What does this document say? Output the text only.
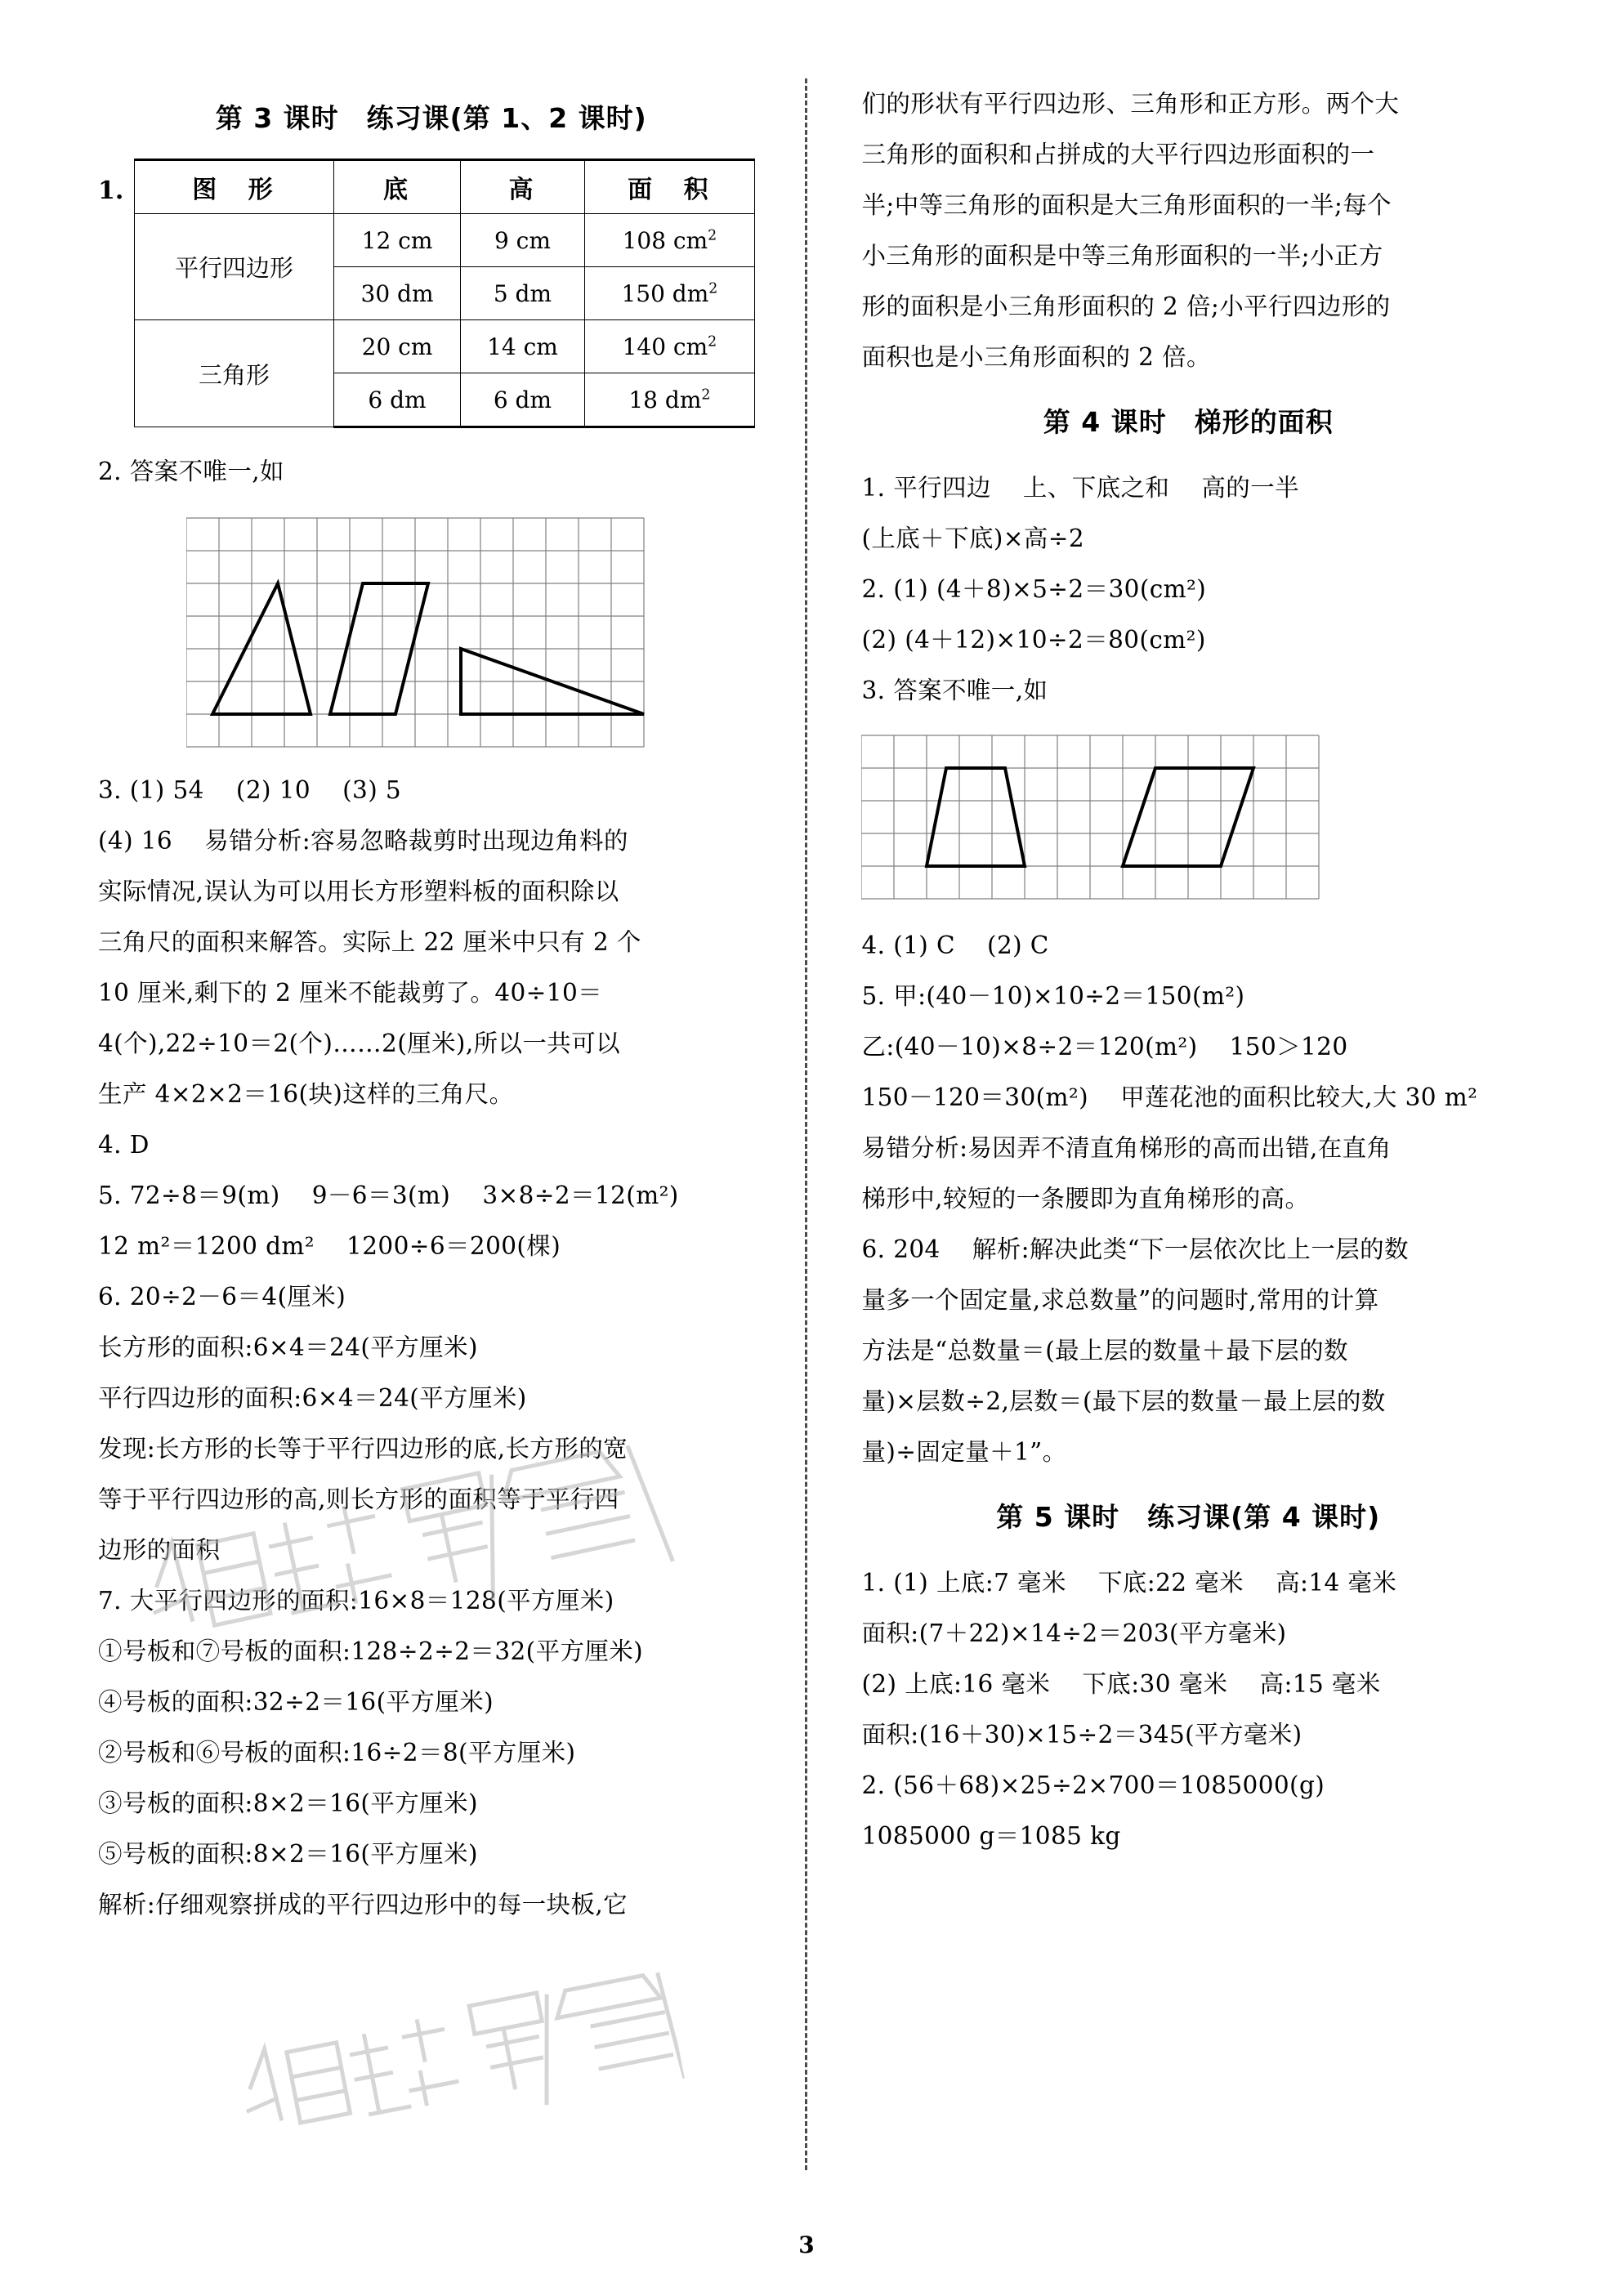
第 3 课时 练习课(第 1、2 课时)
1.	图 形	底	高	面 积
平行四边形	12 cm	9 cm	108 $cm^2$
	30 dm	5 dm	150 $dm^2$
三角形	20 cm	14 cm	140 $cm^2$
	6 dm	6 dm	18 $dm^2$

2. 答案不唯一,如

3. (1) 54    (2) 10    (3) 5

(4) 16    易错分析:容易忽略裁剪时出现边角料的

实际情况,误认为可以用长方形塑料板的面积除以

三角尺的面积来解答。实际上 22 厘米中只有 2 个

10 厘米,剩下的 2 厘米不能裁剪了。40÷10＝

4(个),22÷10＝2(个)……2(厘米),所以一共可以

生产 4×2×2＝16(块)这样的三角尺。

4. D

5. 72÷8＝9(m)    9－6＝3(m)    3×8÷2＝12(m²)

12 m²＝1200 dm²    1200÷6＝200(棵)

6. 20÷2－6＝4(厘米)

长方形的面积:6×4＝24(平方厘米)

平行四边形的面积:6×4＝24(平方厘米)

发现:长方形的长等于平行四边形的底,长方形的宽

等于平行四边形的高,则长方形的面积等于平行四

边形的面积

7. 大平行四边形的面积:16×8＝128(平方厘米)

①号板和⑦号板的面积:128÷2÷2＝32(平方厘米)

④号板的面积:32÷2＝16(平方厘米)

②号板和⑥号板的面积:16÷2＝8(平方厘米)

③号板的面积:8×2＝16(平方厘米)

⑤号板的面积:8×2＝16(平方厘米)

解析:仔细观察拼成的平行四边形中的每一块板,它

们的形状有平行四边形、三角形和正方形。两个大

三角形的面积和占拼成的大平行四边形面积的一

半;中等三角形的面积是大三角形面积的一半;每个

小三角形的面积是中等三角形面积的一半;小正方

形的面积是小三角形面积的 2 倍;小平行四边形的

面积也是小三角形面积的 2 倍。

第 4 课时 梯形的面积

1. 平行四边    上、下底之和    高的一半

(上底＋下底)×高÷2

2. (1) (4＋8)×5÷2＝30(cm²)

(2) (4＋12)×10÷2＝80(cm²)

3. 答案不唯一,如

4. (1) C    (2) C

5. 甲:(40－10)×10÷2＝150(m²)

乙:(40－10)×8÷2＝120(m²)    150＞120

150－120＝30(m²)    甲莲花池的面积比较大,大 30 m²

易错分析:易因弄不清直角梯形的高而出错,在直角

梯形中,较短的一条腰即为直角梯形的高。

6. 204    解析:解决此类“下一层依次比上一层的数

量多一个固定量,求总数量”的问题时,常用的计算

方法是“总数量＝(最上层的数量＋最下层的数

量)×层数÷2,层数＝(最下层的数量－最上层的数

量)÷固定量＋1”。

第 5 课时 练习课(第 4 课时)

1. (1) 上底:7 毫米    下底:22 毫米    高:14 毫米

面积:(7＋22)×14÷2＝203(平方毫米)

(2) 上底:16 毫米    下底:30 毫米    高:15 毫米

面积:(16＋30)×15÷2＝345(平方毫米)

2. (56＋68)×25÷2×700＝1085000(g)

1085000 g＝1085 kg

3
